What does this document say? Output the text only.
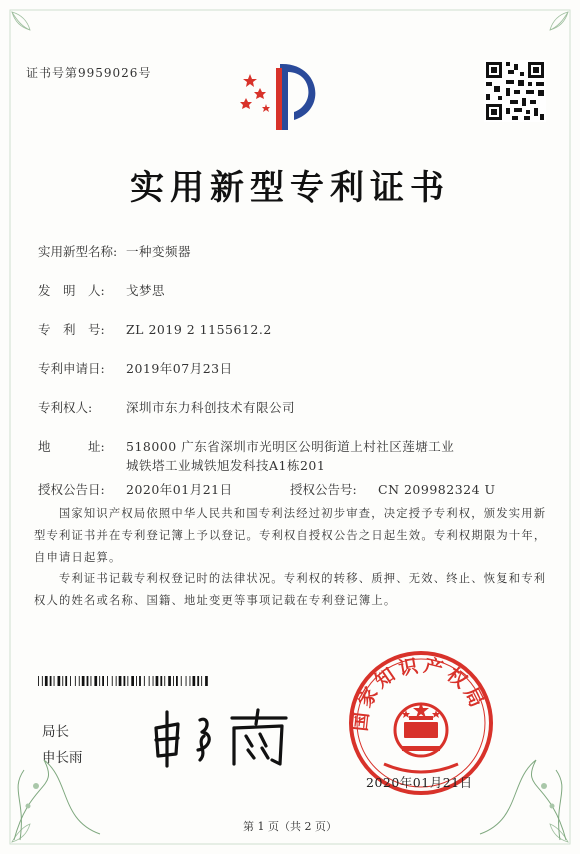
证书号第9959026号
实用新型专利证书
实用新型名称: 一种变频器
发　明　人: 戈梦思
专　利　号: ZL 2019 2 1155612.2
专利申请日: 2019年07月23日
专利权人:	深圳市东力科创技术有限公司
地　　　址: 518000 广东省深圳市光明区公明街道上村社区莲塘工业
城铁塔工业城铁旭发科技A1栋201
授权公告日: 2020年01月21日	授权公告号: CN 209982324 U
国家知识产权局依照中华人民共和国专利法经过初步审查，决定授予专利权，颁发实用新型专利证书并在专利登记簿上予以登记。专利权自授权公告之日起生效。专利权期限为十年，自申请日起算。
专利证书记载专利权登记时的法律状况。专利权的转移、质押、无效、终止、恢复和专利权人的姓名或名称、国籍、地址变更等事项记载在专利登记簿上。
局长
申长雨
国家知识产权局
2020年01月21日
第 1 页（共 2 页）
